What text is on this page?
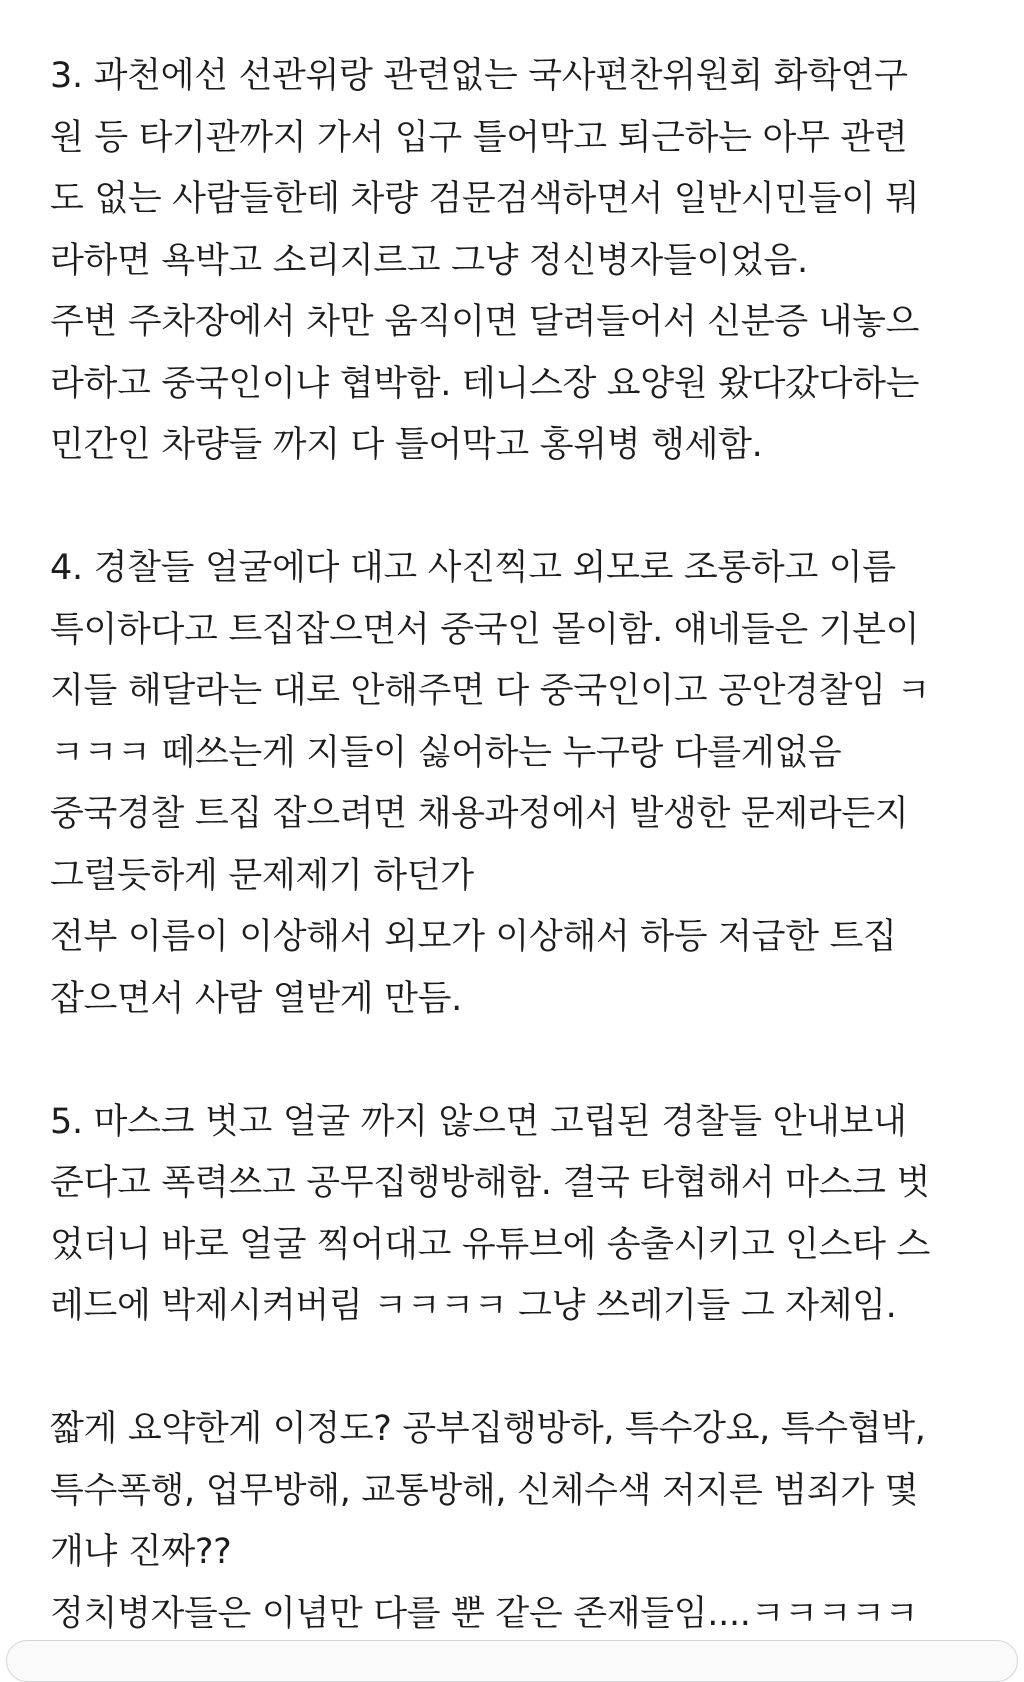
3. 과천에선 선관위랑 관련없는 국사편찬위원회 화학연구
원 등 타기관까지 가서 입구 틀어막고 퇴근하는 아무 관련
도 없는 사람들한테 차량 검문검색하면서 일반시민들이 뭐
라하면 욕박고 소리지르고 그냥 정신병자들이었음.
주변 주차장에서 차만 움직이면 달려들어서 신분증 내놓으
라하고 중국인이냐 협박함. 테니스장 요양원 왔다갔다하는
민간인 차량들 까지 다 틀어막고 홍위병 행세함.
4. 경찰들 얼굴에다 대고 사진찍고 외모로 조롱하고 이름
특이하다고 트집잡으면서 중국인 몰이함. 얘네들은 기본이
지들 해달라는 대로 안해주면 다 중국인이고 공안경찰임 ㅋ
ㅋㅋㅋ 떼쓰는게 지들이 싫어하는 누구랑 다를게없음
중국경찰 트집 잡으려면 채용과정에서 발생한 문제라든지
그럴듯하게 문제제기 하던가
전부 이름이 이상해서 외모가 이상해서 하등 저급한 트집
잡으면서 사람 열받게 만듬.
5. 마스크 벗고 얼굴 까지 않으면 고립된 경찰들 안내보내
준다고 폭력쓰고 공무집행방해함. 결국 타협해서 마스크 벗
었더니 바로 얼굴 찍어대고 유튜브에 송출시키고 인스타 스
레드에 박제시켜버림 ㅋㅋㅋㅋ 그냥 쓰레기들 그 자체임.
짧게 요약한게 이정도? 공부집행방하, 특수강요, 특수협박,
특수폭행, 업무방해, 교통방해, 신체수색 저지른 범죄가 몇
개냐 진짜??
정치병자들은 이념만 다를 뿐 같은 존재들임....ㅋㅋㅋㅋㅋ
